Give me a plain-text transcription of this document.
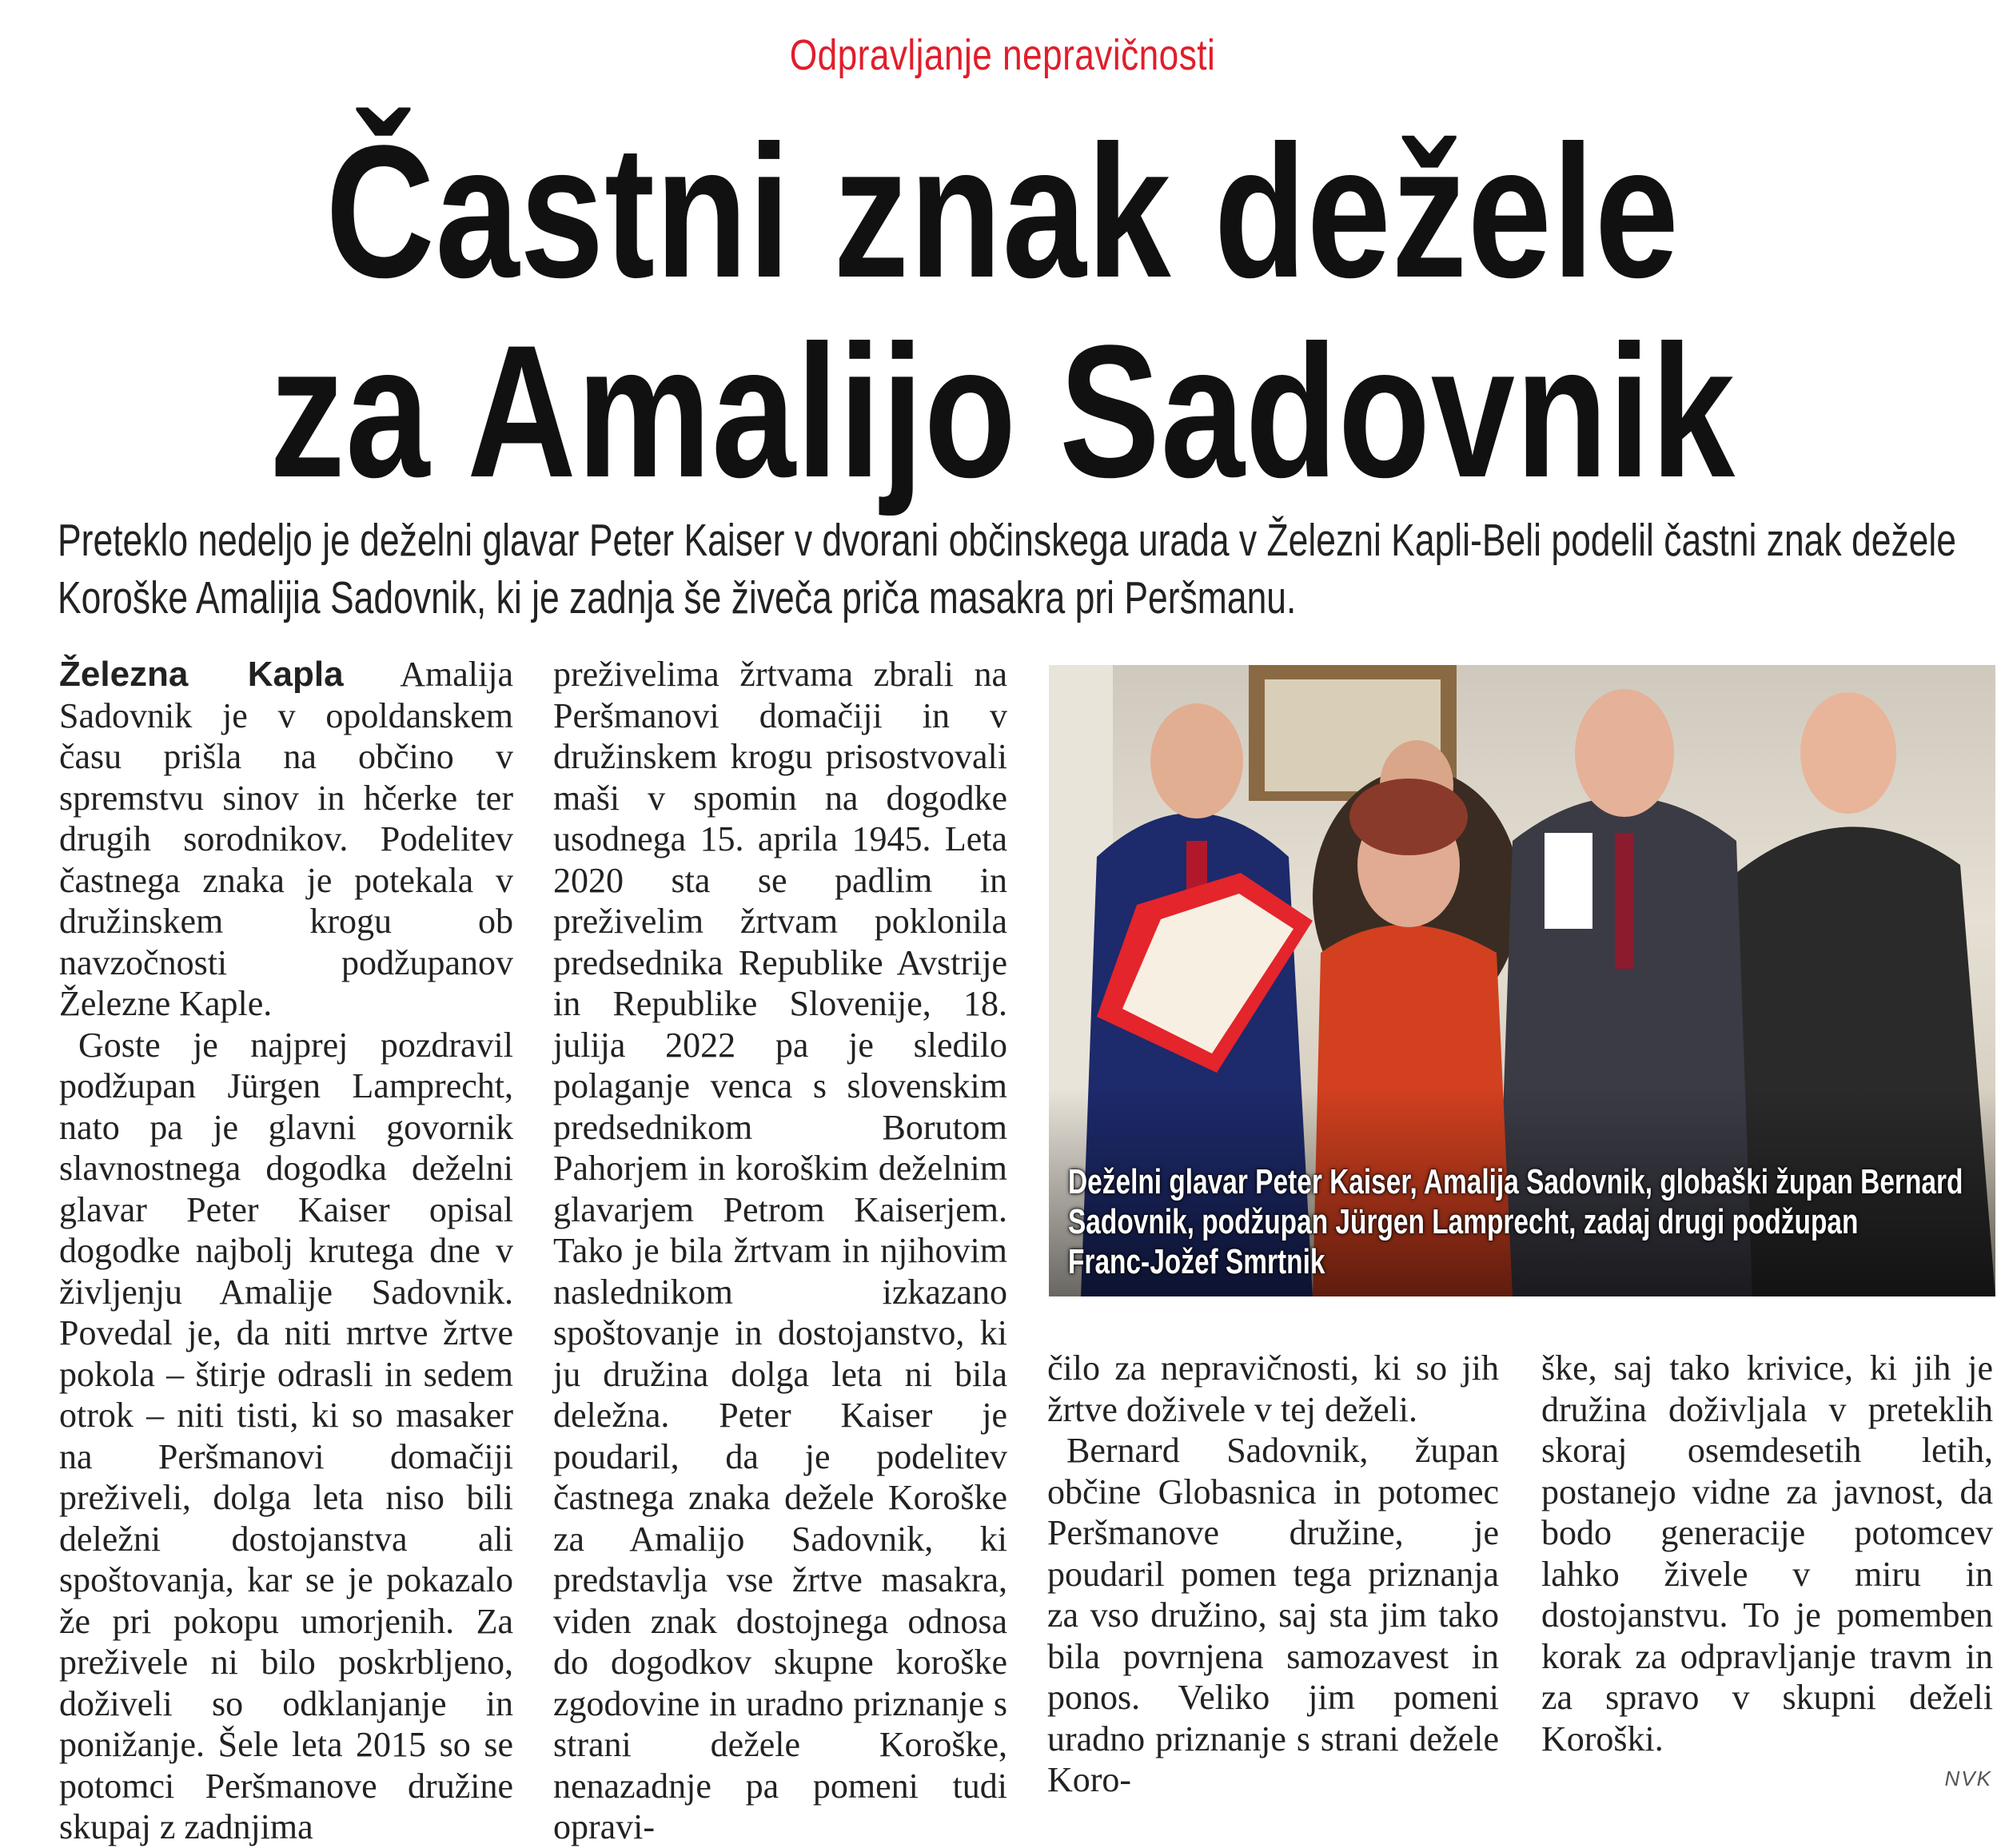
Odpravljanje nepravičnosti
Častni znak dežele
za Amalijo Sadovnik
Preteklo nedeljo je deželni glavar Peter Kaiser v dvorani občinskega urada v Železni Kapli-Beli podelil častni znak dežele
Koroške Amalijia Sadovnik, ki je zadnja še živeča priča masakra pri Peršmanu.

Železna Kapla Amalija Sadovnik je v opoldanskem času prišla na občino v spremstvu sinov in hčerke ter drugih sorodnikov. Podelitev častnega znaka je potekala v družinskem krogu ob navzočnosti podžupanov Železne Kaple.

Goste je najprej pozdravil podžupan Jürgen Lamprecht, nato pa je glavni govornik slavnostnega dogodka deželni glavar Peter Kaiser opisal dogodke najbolj krutega dne v življenju Amalije Sadovnik. Povedal je, da niti mrtve žrtve pokola – štirje odrasli in sedem otrok – niti tisti, ki so masaker na Peršmanovi domačiji preživeli, dolga leta niso bili deležni dostojanstva ali spoštovanja, kar se je pokazalo že pri pokopu umorjenih. Za preživele ni bilo poskrbljeno, doživeli so odklanjanje in ponižanje. Šele leta 2015 so se potomci Peršmanove družine skupaj z zadnjima

preživelima žrtvama zbrali na Peršmanovi domačiji in v družinskem krogu prisostvovali maši v spomin na dogodke usodnega 15. aprila 1945. Leta 2020 sta se padlim in preživelim žrtvam poklonila predsednika Republike Avstrije in Republike Slovenije, 18. julija 2022 pa je sledilo polaganje venca s slovenskim predsednikom Borutom Pahorjem in koroškim deželnim glavarjem Petrom Kaiserjem. Tako je bila žrtvam in njihovim naslednikom izkazano spoštovanje in dostojanstvo, ki ju družina dolga leta ni bila deležna. Peter Kaiser je poudaril, da je podelitev častnega znaka dežele Koroške za Amalijo Sadovnik, ki predstavlja vse žrtve masakra, viden znak dostojnega odnosa do dogodkov skupne koroške zgodovine in uradno priznanje s strani dežele Koroške, nenazadnje pa pomeni tudi opravi-

Deželni glavar Peter Kaiser, Amalija Sadovnik, globaški župan Bernard
Sadovnik, podžupan Jürgen Lamprecht, zadaj drugi podžupan
Franc-Jožef Smrtnik

čilo za nepravičnosti, ki so jih žrtve doživele v tej deželi.

Bernard Sadovnik, župan občine Globasnica in potomec Peršmanove družine, je poudaril pomen tega priznanja za vso družino, saj sta jim tako bila povrnjena samozavest in ponos. Veliko jim pomeni uradno priznanje s strani dežele Koro-

ške, saj tako krivice, ki jih je družina doživljala v preteklih skoraj osemdesetih letih, postanejo vidne za javnost, da bodo generacije potomcev lahko živele v miru in dostojanstvu. To je pomemben korak za odpravljanje travm in za spravo v skupni deželi Koroški.

NVK
